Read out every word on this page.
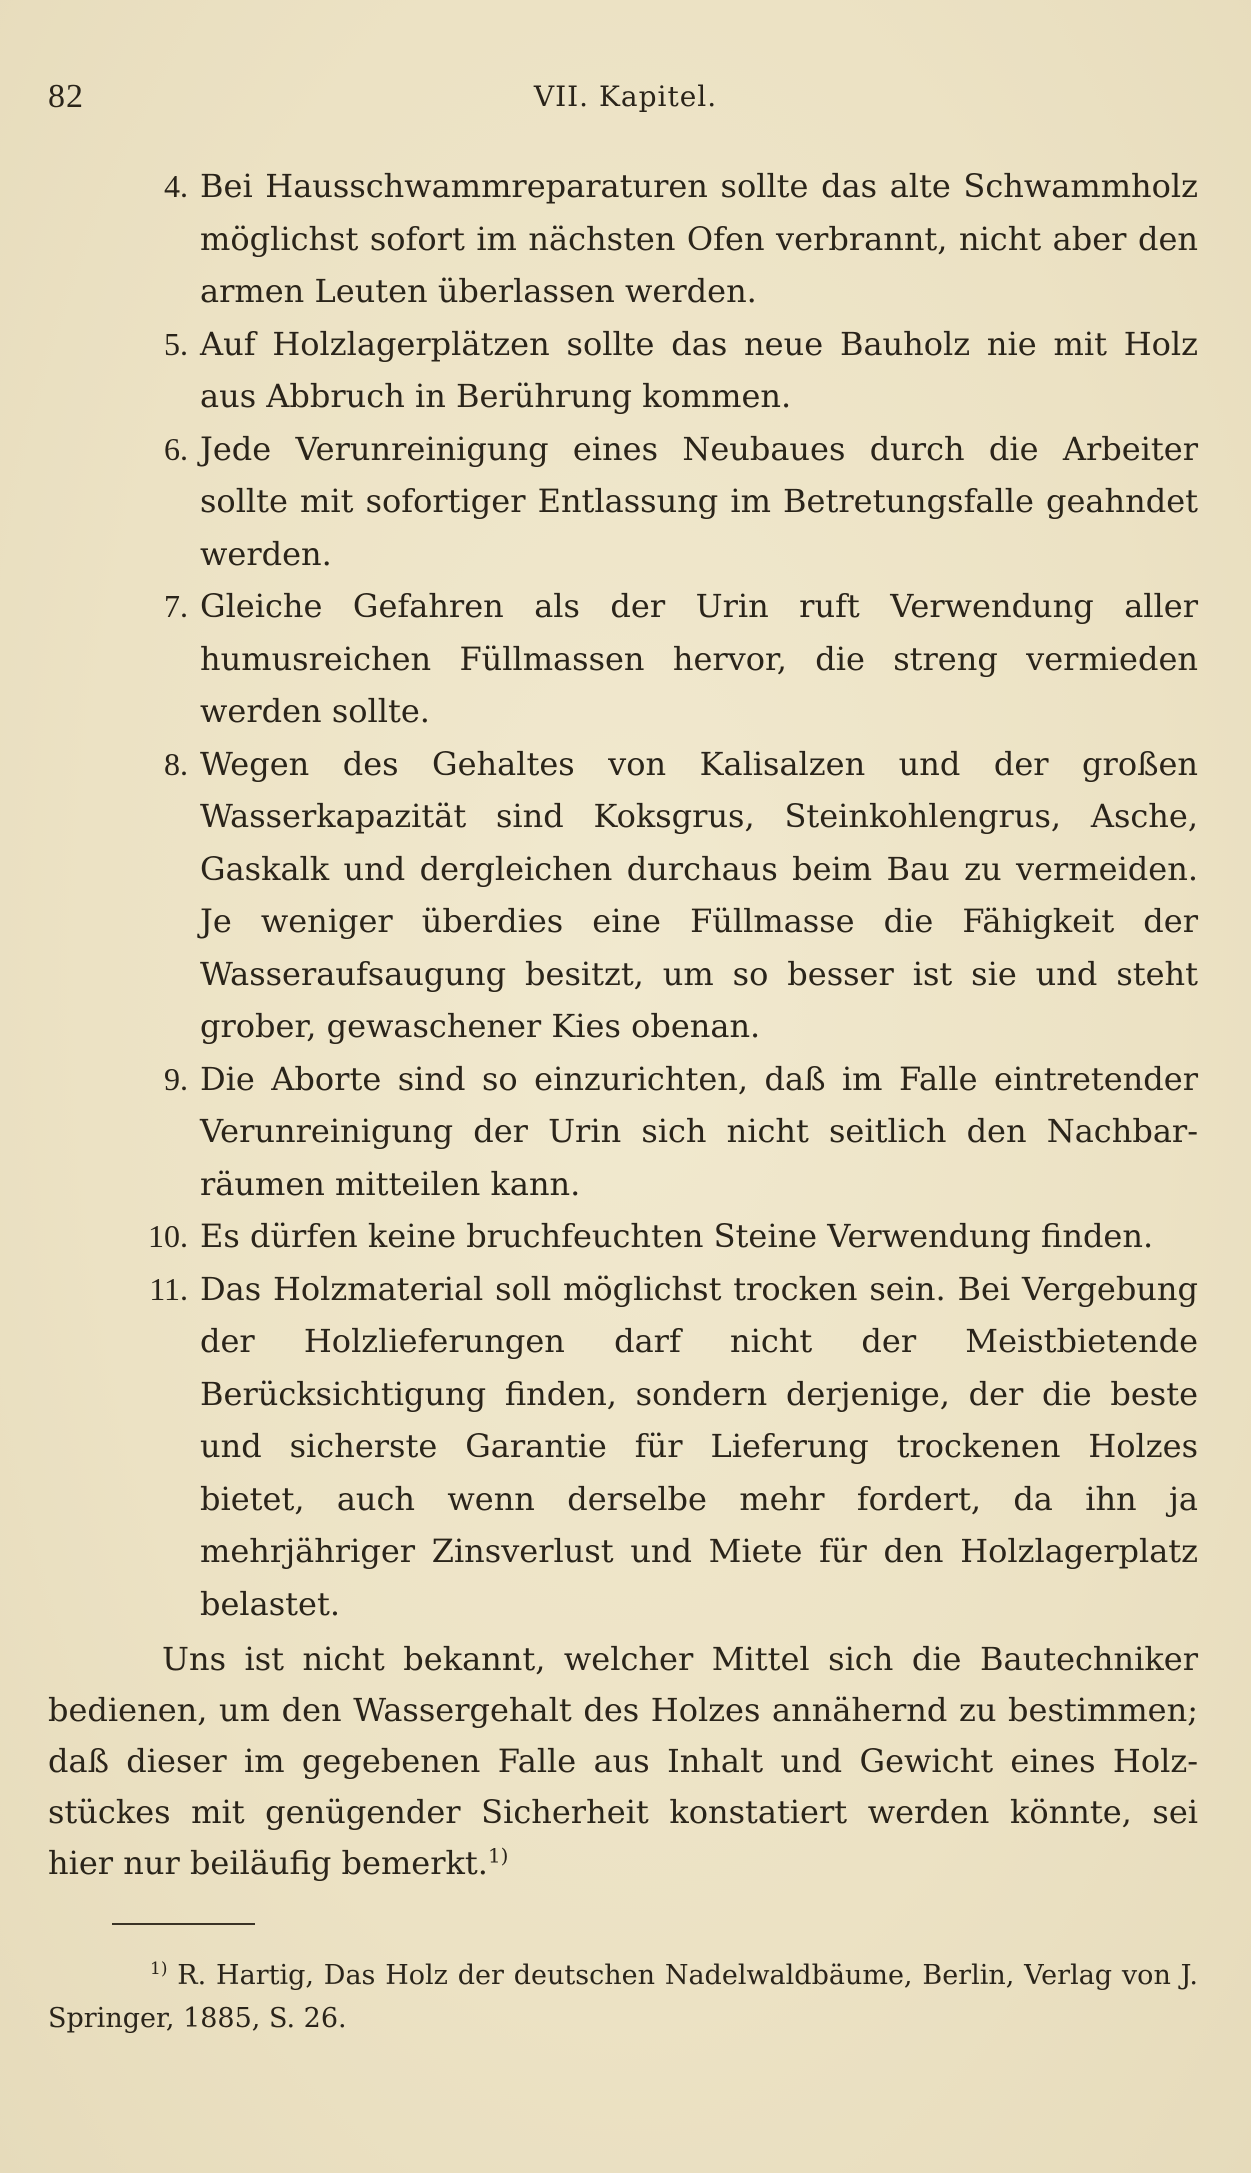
82	VII. Kapitel.
4. Bei Hausschwammreparaturen sollte das alte Schwammholz möglichst sofort im nächsten Ofen verbrannt, nicht aber den armen Leuten überlassen werden.
5. Auf Holzlagerplätzen sollte das neue Bauholz nie mit Holz aus Abbruch in Berührung kommen.
6. Jede Verunreinigung eines Neubaues durch die Arbeiter sollte mit sofortiger Entlassung im Betretungsfalle geahndet werden.
7. Gleiche Gefahren als der Urin ruft Verwendung aller humusreichen Füllmassen hervor, die streng vermieden werden sollte.
8. Wegen des Gehaltes von Kalisalzen und der großen Wasserkapazität sind Koksgrus, Steinkohlengrus, Asche, Gaskalk und dergleichen durchaus beim Bau zu vermeiden. Je weniger überdies eine Füllmasse die Fähigkeit der Wasseraufsaugung besitzt, um so besser ist sie und steht grober, gewaschener Kies obenan.
9. Die Aborte sind so einzurichten, daß im Falle eintretender Verunreinigung der Urin sich nicht seitlich den Nachbarräumen mitteilen kann.
10. Es dürfen keine bruchfeuchten Steine Verwendung finden.
11. Das Holzmaterial soll möglichst trocken sein. Bei Vergebung der Holzlieferungen darf nicht der Meistbietende Berücksichtigung finden, sondern derjenige, der die beste und sicherste Garantie für Lieferung trockenen Holzes bietet, auch wenn derselbe mehr fordert, da ihn ja mehrjähriger Zinsverlust und Miete für den Holzlagerplatz belastet.

Uns ist nicht bekannt, welcher Mittel sich die Bautechniker bedienen, um den Wassergehalt des Holzes annähernd zu bestimmen; daß dieser im gegebenen Falle aus Inhalt und Gewicht eines Holzstückes mit genügender Sicherheit konstatiert werden könnte, sei hier nur beiläufig bemerkt.$^{1)}$

$^{1)}$ R. Hartig, Das Holz der deutschen Nadelwaldbäume, Berlin, Verlag von J. Springer, 1885, S. 26.
